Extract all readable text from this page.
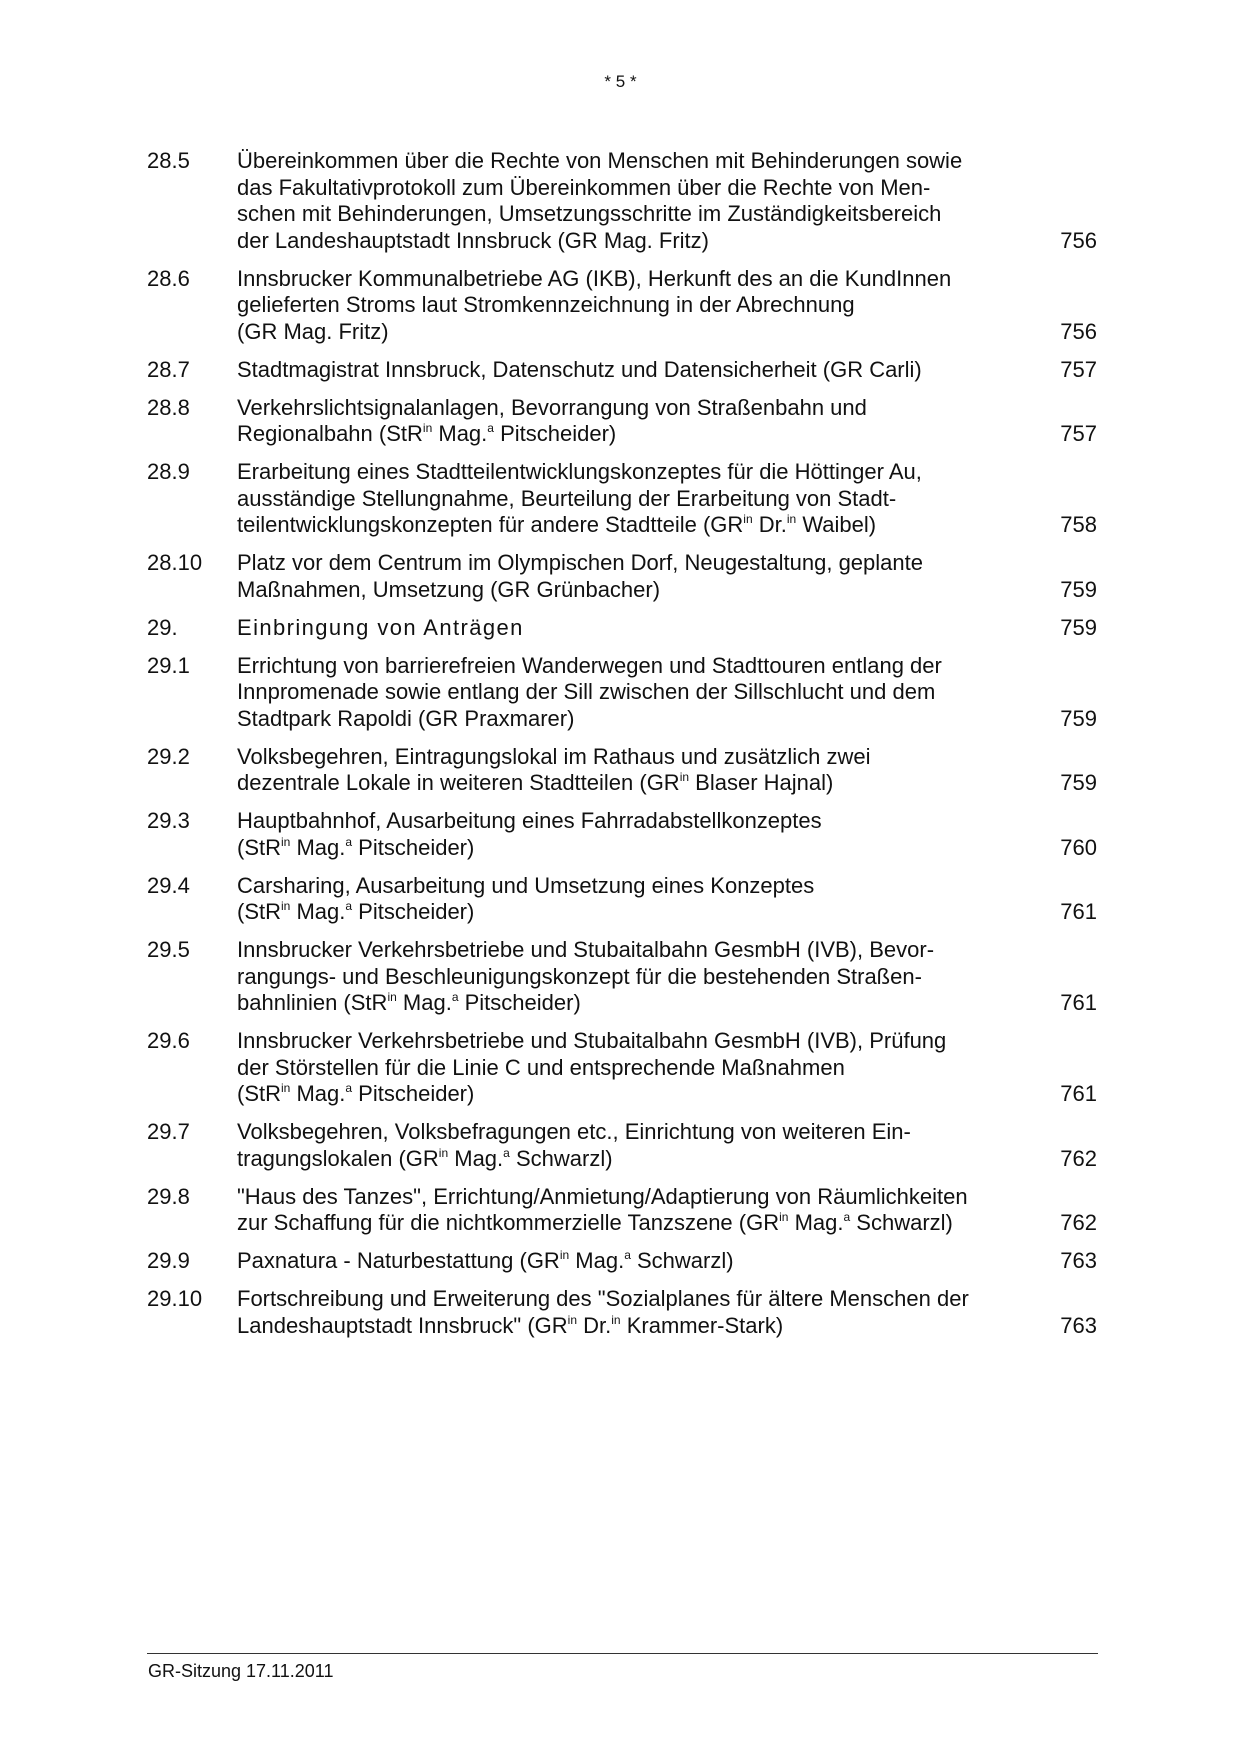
* 5 *
28.5	Übereinkommen über die Rechte von Menschen mit Behinderungen sowie
das Fakultativprotokoll zum Übereinkommen über die Rechte von Men-
schen mit Behinderungen, Umsetzungsschritte im Zuständigkeitsbereich
der Landeshauptstadt Innsbruck (GR Mag. Fritz)	756
28.6	Innsbrucker Kommunalbetriebe AG (IKB), Herkunft des an die KundInnen
gelieferten Stroms laut Stromkennzeichnung in der Abrechnung
(GR Mag. Fritz)	756
28.7	Stadtmagistrat Innsbruck, Datenschutz und Datensicherheit (GR Carli)	757
28.8	Verkehrslichtsignalanlagen, Bevorrangung von Straßenbahn und
Regionalbahn (StR$^{in}$ Mag.$^a$ Pitscheider)	757
28.9	Erarbeitung eines Stadtteilentwicklungskonzeptes für die Höttinger Au,
ausständige Stellungnahme, Beurteilung der Erarbeitung von Stadt-
teilentwicklungskonzepten für andere Stadtteile ($GR^{in}$ Dr.$^{in}$ Waibel)	758
28.10	Platz vor dem Centrum im Olympischen Dorf, Neugestaltung, geplante
Maßnahmen, Umsetzung (GR Grünbacher)	759
29.	Einbringung von Anträgen	759
29.1	Errichtung von barrierefreien Wanderwegen und Stadttouren entlang der
Innpromenade sowie entlang der Sill zwischen der Sillschlucht und dem
Stadtpark Rapoldi (GR Praxmarer)	759
29.2	Volksbegehren, Eintragungslokal im Rathaus und zusätzlich zwei
dezentrale Lokale in weiteren Stadtteilen ($GR^{in}$ Blaser Hajnal)	759
29.3	Hauptbahnhof, Ausarbeitung eines Fahrradabstellkonzeptes
(StR$^{in}$ Mag.$^a$ Pitscheider)	760
29.4	Carsharing, Ausarbeitung und Umsetzung eines Konzeptes
(StR$^{in}$ Mag.$^a$ Pitscheider)	761
29.5	Innsbrucker Verkehrsbetriebe und Stubaitalbahn GesmbH (IVB), Bevor-
rangungs- und Beschleunigungskonzept für die bestehenden Straßen-
bahnlinien (StR$^{in}$ Mag.$^a$ Pitscheider)	761
29.6	Innsbrucker Verkehrsbetriebe und Stubaitalbahn GesmbH (IVB), Prüfung
der Störstellen für die Linie C und entsprechende Maßnahmen
(StR$^{in}$ Mag.$^a$ Pitscheider)	761
29.7	Volksbegehren, Volksbefragungen etc., Einrichtung von weiteren Ein-
tragungslokalen ($GR^{in}$ Mag.$^a$ Schwarzl)	762
29.8	"Haus des Tanzes", Errichtung/Anmietung/Adaptierung von Räumlichkeiten
zur Schaffung für die nichtkommerzielle Tanzszene ($GR^{in}$ Mag.$^a$ Schwarzl)	762
29.9	Paxnatura - Naturbestattung ($GR^{in}$ Mag.$^a$ Schwarzl)	763
29.10	Fortschreibung und Erweiterung des "Sozialplanes für ältere Menschen der
Landeshauptstadt Innsbruck" ($GR^{in}$ Dr.$^{in}$ Krammer-Stark)	763
GR-Sitzung 17.11.2011
